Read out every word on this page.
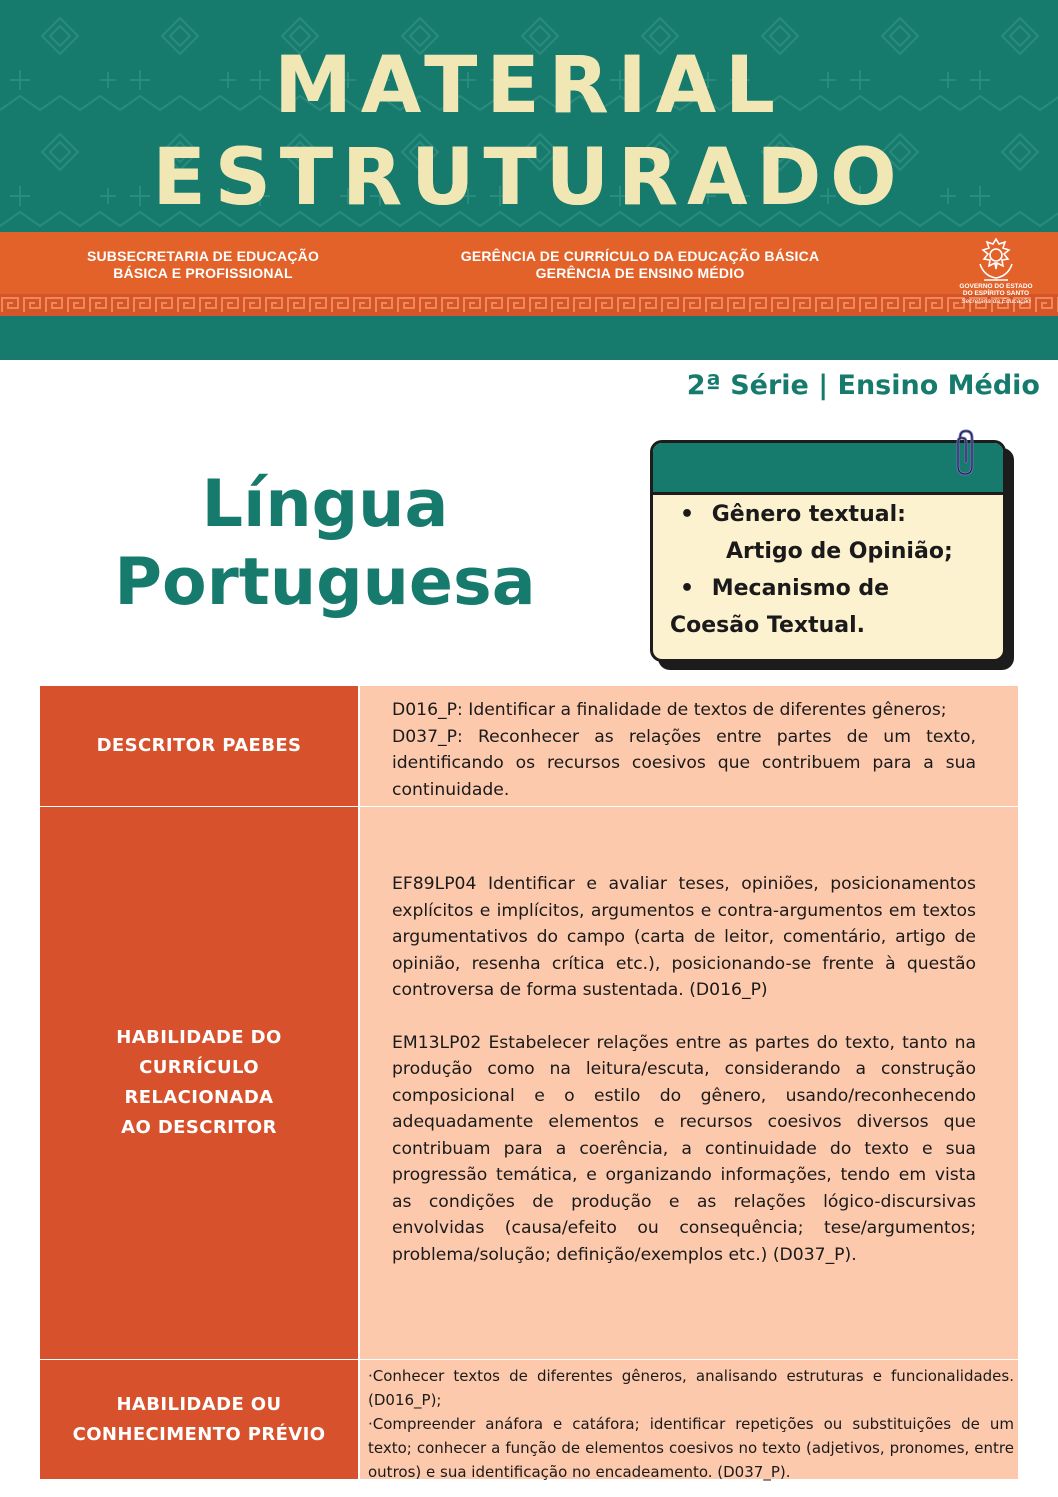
MATERIAL
ESTRUTURADO
SUBSECRETARIA DE EDUCAÇÃO
BÁSICA E PROFISSIONAL
GERÊNCIA DE CURRÍCULO DA EDUCAÇÃO BÁSICA
GERÊNCIA DE ENSINO MÉDIO
GOVERNO DO ESTADO
DO ESPÍRITO SANTO
Secretaria da Educação
2ª Série | Ensino Médio
Língua
Portuguesa
• Gênero textual:
Artigo de Opinião;
• Mecanismo de
Coesão Textual.
DESCRITOR PAEBES

D016_P: Identificar a finalidade de textos de diferentes gêneros;

D037_P: Reconhecer as relações entre partes de um texto, identificando os recursos coesivos que contribuem para a sua continuidade.

HABILIDADE DO
CURRÍCULO
RELACIONADA
AO DESCRITOR

EF89LP04 Identificar e avaliar teses, opiniões, posicionamentos explícitos e implícitos, argumentos e contra-argumentos em textos argumentativos do campo (carta de leitor, comentário, artigo de opinião, resenha crítica etc.), posicionando-se frente à questão controversa de forma sustentada. (D016_P)

EM13LP02 Estabelecer relações entre as partes do texto, tanto na produção como na leitura/escuta, considerando a construção composicional e o estilo do gênero, usando/reconhecendo adequadamente elementos e recursos coesivos diversos que contribuam para a coerência, a continuidade do texto e sua progressão temática, e organizando informações, tendo em vista as condições de produção e as relações lógico-discursivas envolvidas (causa/efeito ou consequência; tese/argumentos; problema/solução; definição/exemplos etc.) (D037_P).

HABILIDADE OU
CONHECIMENTO PRÉVIO

·Conhecer textos de diferentes gêneros, analisando estruturas e funcionalidades. (D016_P);

·Compreender anáfora e catáfora; identificar repetições ou substituições de um texto; conhecer a função de elementos coesivos no texto (adjetivos, pronomes, entre outros) e sua identificação no encadeamento. (D037_P).
